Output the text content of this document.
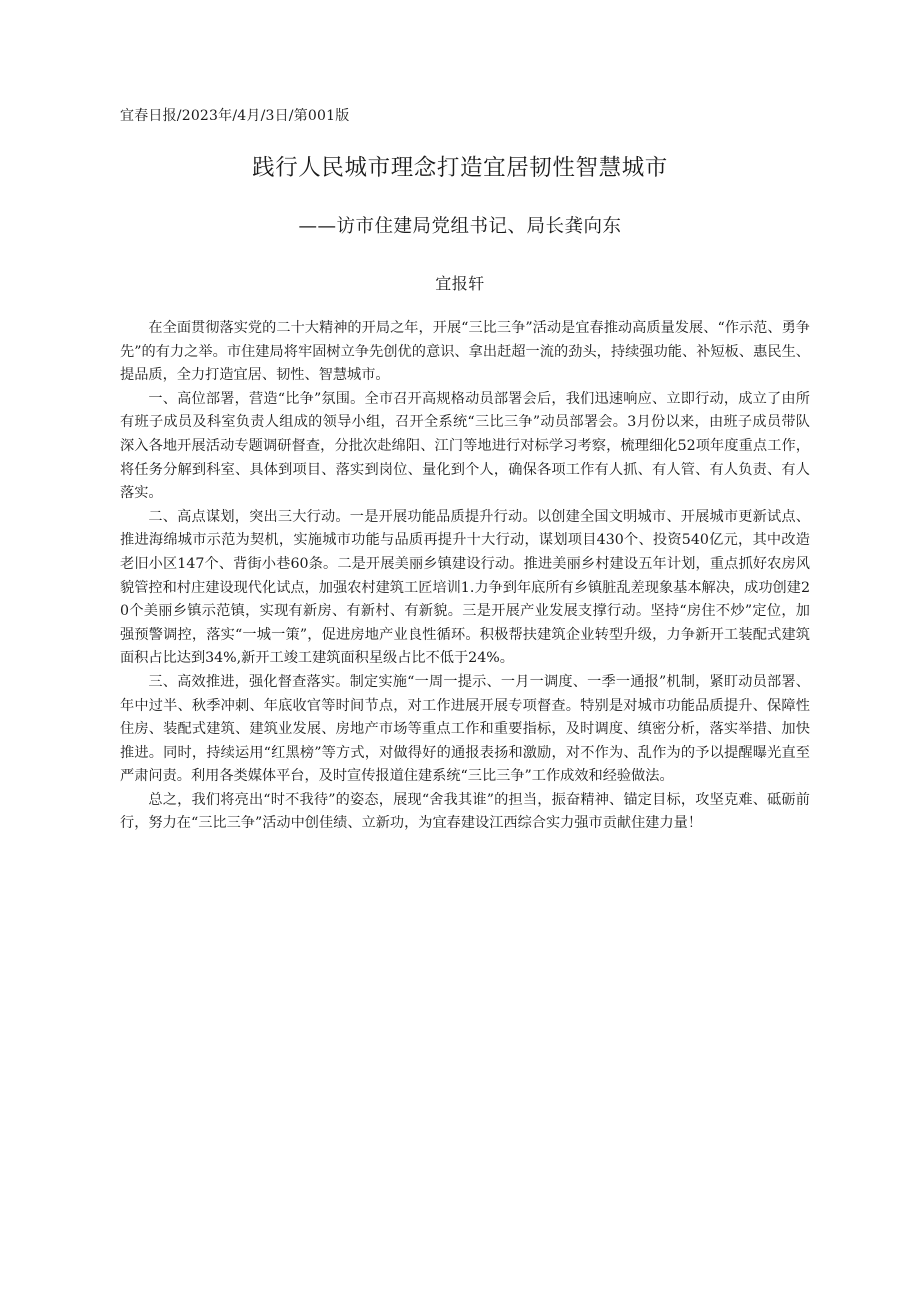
宜春日报/2023年/4月/3日/第001版
践行人民城市理念打造宜居韧性智慧城市
——访市住建局党组书记、局长龚向东
宜报轩

在全面贯彻落实党的二十大精神的开局之年，开展“三比三争”活动是宜春推动高质量发展、“作示范、勇争先”的有力之举。市住建局将牢固树立争先创优的意识、拿出赶超一流的劲头，持续强功能、补短板、惠民生、提品质，全力打造宜居、韧性、智慧城市。

一、高位部署，营造“比争”氛围。全市召开高规格动员部署会后，我们迅速响应、立即行动，成立了由所有班子成员及科室负责人组成的领导小组，召开全系统“三比三争”动员部署会。3月份以来，由班子成员带队深入各地开展活动专题调研督查，分批次赴绵阳、江门等地进行对标学习考察，梳理细化52项年度重点工作，将任务分解到科室、具体到项目、落实到岗位、量化到个人，确保各项工作有人抓、有人管、有人负责、有人落实。

二、高点谋划，突出三大行动。一是开展功能品质提升行动。以创建全国文明城市、开展城市更新试点、推进海绵城市示范为契机，实施城市功能与品质再提升十大行动，谋划项目430个、投资540亿元，其中改造老旧小区147个、背街小巷60条。二是开展美丽乡镇建设行动。推进美丽乡村建设五年计划，重点抓好农房风貌管控和村庄建设现代化试点，加强农村建筑工匠培训1.力争到年底所有乡镇脏乱差现象基本解决，成功创建20个美丽乡镇示范镇，实现有新房、有新村、有新貌。三是开展产业发展支撑行动。坚持“房住不炒”定位，加强预警调控，落实“一城一策”，促进房地产业良性循环。积极帮扶建筑企业转型升级，力争新开工装配式建筑面积占比达到34%,新开工竣工建筑面积星级占比不低于24%。

三、高效推进，强化督查落实。制定实施“一周一提示、一月一调度、一季一通报”机制，紧盯动员部署、年中过半、秋季冲刺、年底收官等时间节点，对工作进展开展专项督查。特别是对城市功能品质提升、保障性住房、装配式建筑、建筑业发展、房地产市场等重点工作和重要指标，及时调度、缜密分析，落实举措、加快推进。同时，持续运用“红黑榜”等方式，对做得好的通报表扬和激励，对不作为、乱作为的予以提醒曝光直至严肃问责。利用各类媒体平台，及时宣传报道住建系统“三比三争”工作成效和经验做法。

总之，我们将亮出“时不我待”的姿态，展现“舍我其谁”的担当，振奋精神、锚定目标，攻坚克难、砥砺前行，努力在“三比三争”活动中创佳绩、立新功，为宜春建设江西综合实力强市贡献住建力量！
